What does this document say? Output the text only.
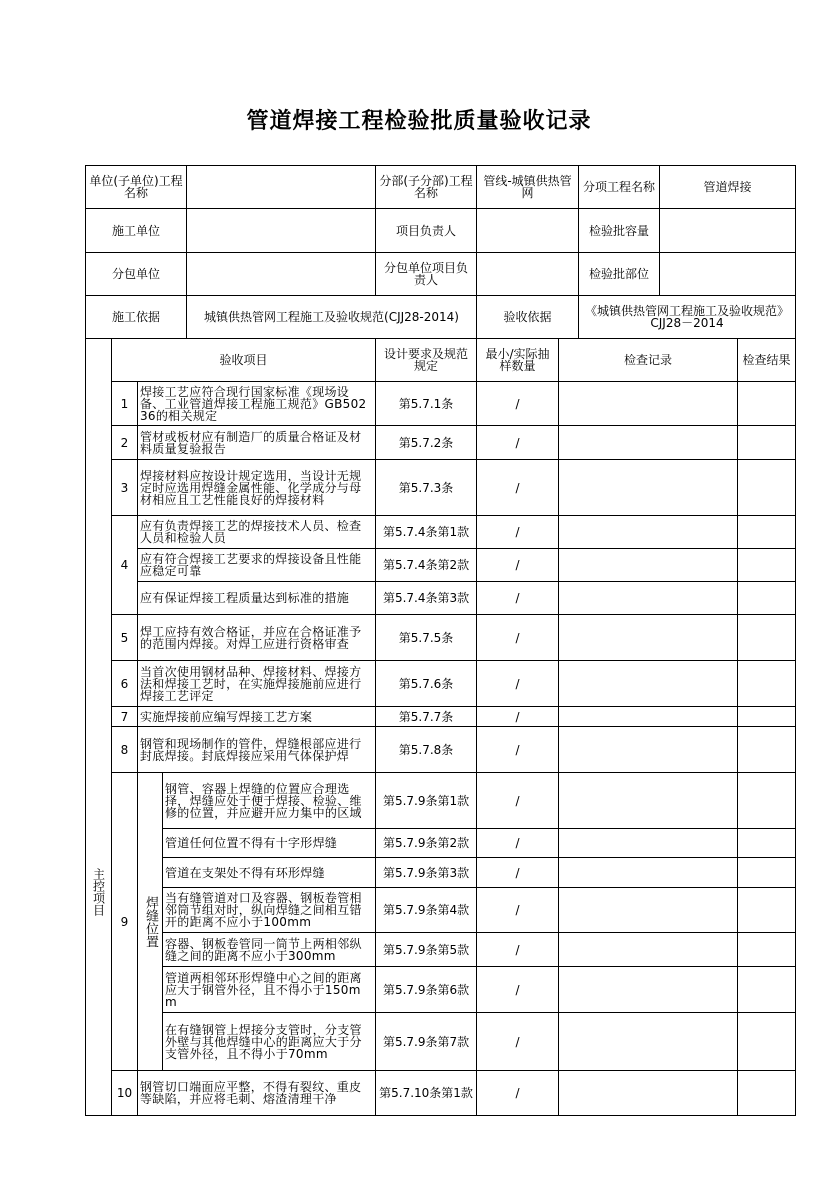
管道焊接工程检验批质量验收记录
单位(子单位)工程名称		分部(子分部)工程名称	管线-城镇供热管网	分项工程名称	管道焊接
施工单位		项目负责人		检验批容量	
分包单位		分包单位项目负责人		检验批部位	
施工依据	城镇供热管网工程施工及验收规范(CJJ28-2014)		验收依据	《城镇供热管网工程施工及验收规范》CJJ28－2014	
主控项目	验收项目			设计要求及规范规定	最小/实际抽样数量	检查记录	检查结果
	1	焊接工艺应符合现行国家标准《现场设备、工业管道焊接工程施工规范》GB50236的相关规定		第5.7.1条	/		
	2	管材或板材应有制造厂的质量合格证及材料质量复验报告		第5.7.2条	/		
	3	焊接材料应按设计规定选用，当设计无规定时应选用焊缝金属性能、化学成分与母材相应且工艺性能良好的焊接材料		第5.7.3条	/		
	4	应有负责焊接工艺的焊接技术人员、检查人员和检验人员		第5.7.4条第1款	/		
		应有符合焊接工艺要求的焊接设备且性能应稳定可靠		第5.7.4条第2款	/		
		应有保证焊接工程质量达到标准的措施		第5.7.4条第3款	/		
	5	焊工应持有效合格证，并应在合格证准予的范围内焊接。对焊工应进行资格审查		第5.7.5条	/		
	6	当首次使用钢材品种、焊接材料、焊接方法和焊接工艺时，在实施焊接施前应进行焊接工艺评定		第5.7.6条	/		
	7	实施焊接前应编写焊接工艺方案		第5.7.7条	/		
	8	钢管和现场制作的管件，焊缝根部应进行封底焊接。封底焊接应采用气体保护焊		第5.7.8条	/		
	9	焊缝位置	钢管、容器上焊缝的位置应合理选择，焊缝应处于便于焊接、检验、维修的位置，并应避开应力集中的区域	第5.7.9条第1款	/		
			管道任何位置不得有十字形焊缝	第5.7.9条第2款	/		
			管道在支架处不得有环形焊缝	第5.7.9条第3款	/		
			当有缝管道对口及容器、钢板卷管相邻筒节组对时，纵向焊缝之间相互错开的距离不应小于100mm	第5.7.9条第4款	/		
			容器、钢板卷管同一筒节上两相邻纵缝之间的距离不应小于300mm	第5.7.9条第5款	/		
			管道两相邻环形焊缝中心之间的距离应大于钢管外径，且不得小于150mm	第5.7.9条第6款	/		
			在有缝钢管上焊接分支管时，分支管外壁与其他焊缝中心的距离应大于分支管外径，且不得小于70mm	第5.7.9条第7款	/		
	10	钢管切口端面应平整，不得有裂纹、重皮等缺陷，并应将毛刺、熔渣清理干净		第5.7.10条第1款	/		
